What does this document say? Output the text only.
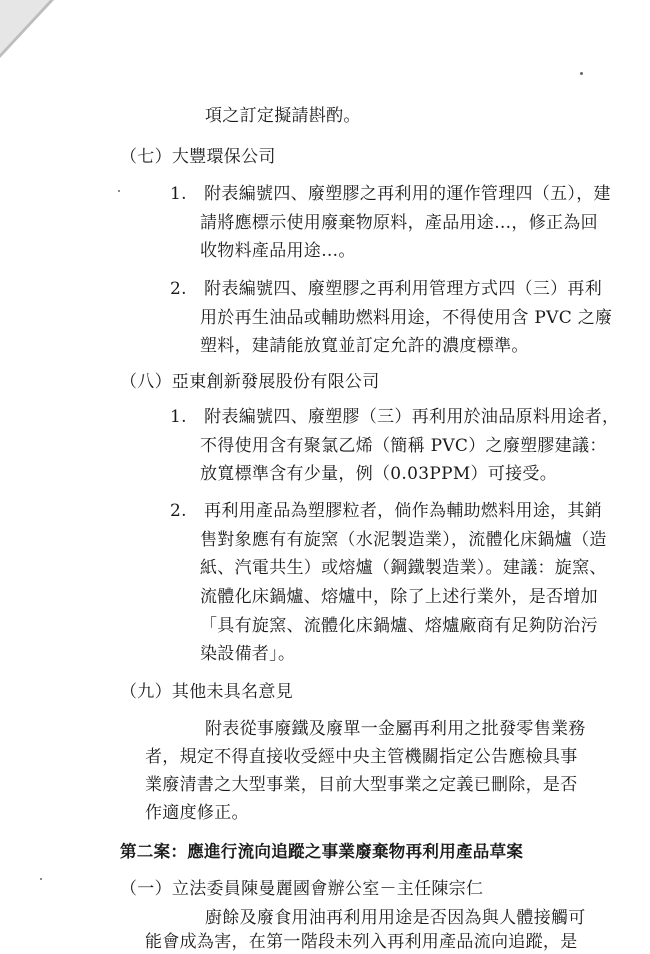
項之訂定擬請斟酌。
（七）大豐環保公司
1.　附表編號四、廢塑膠之再利用的運作管理四（五），建
請將應標示使用廢棄物原料，產品用途…，修正為回
收物料產品用途…。
2.　附表編號四、廢塑膠之再利用管理方式四（三）再利
用於再生油品或輔助燃料用途，不得使用含 PVC 之廢
塑料，建請能放寬並訂定允許的濃度標準。
（八）亞東創新發展股份有限公司
1.　附表編號四、廢塑膠（三）再利用於油品原料用途者，
不得使用含有聚氯乙烯（簡稱 PVC）之廢塑膠建議：
放寬標準含有少量，例（0.03PPM）可接受。
2.　再利用產品為塑膠粒者，倘作為輔助燃料用途，其銷
售對象應有有旋窯（水泥製造業），流體化床鍋爐（造
紙、汽電共生）或熔爐（鋼鐵製造業）。建議：旋窯、
流體化床鍋爐、熔爐中，除了上述行業外，是否增加
「具有旋窯、流體化床鍋爐、熔爐廠商有足夠防治污
染設備者」。
（九）其他未具名意見
附表從事廢鐵及廢單一金屬再利用之批發零售業務
者，規定不得直接收受經中央主管機關指定公告應檢具事
業廢清書之大型事業，目前大型事業之定義已刪除，是否
作適度修正。
第二案：應進行流向追蹤之事業廢棄物再利用產品草案
（一）立法委員陳曼麗國會辦公室－主任陳宗仁
廚餘及廢食用油再利用用途是否因為與人體接觸可
能會成為害，在第一階段未列入再利用產品流向追蹤，是
